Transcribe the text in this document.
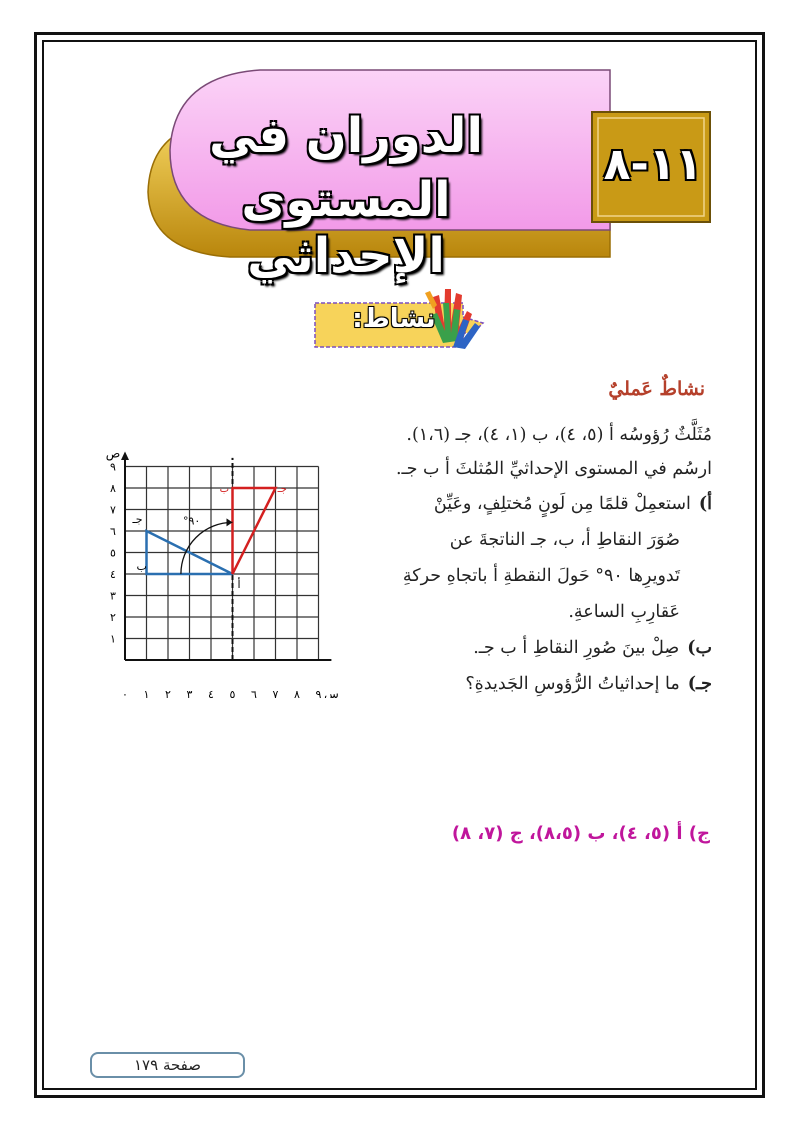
الدوران في
المستوى الإحداثي
١١-٨
نشاط:
نشاطٌ عَمليٌ
مُثَلَّثٌ رُؤوسُه أ (٥، ٤)، ب (١، ٤)، جـ (١،٦).
ارسُم في المستوى الإحداثيِّ المُثلثَ أ ب جـ.
أ)استعمِلْ قلمًا مِن لَونٍ مُختلِفٍ، وعَيِّنْ
صُوَرَ النقاطِ أ، ب، جـ الناتجةَ عن
تَدويرِها ٩٠° حَولَ النقطةِ أ باتجاهِ حركةِ
عَقارِبِ الساعةِ.
ب)صِلْ بينَ صُورِ النقاطِ أ ب جـ.
جـ)ما إحداثياتُ الرُّؤوسِ الجَديدةِ؟
٠ ١ ٢ ٣ ٤ ٥ ٦ ٧ ٨ ٩
١
٢
٣
٤
٥
٦
٧
٨
٩
س
ص
°٩٠
أ
ب
جـ
ب	جـ
ج) أ (٥، ٤)، ب (٨،٥)، ج (٧، ٨)
صفحة ١٧٩
